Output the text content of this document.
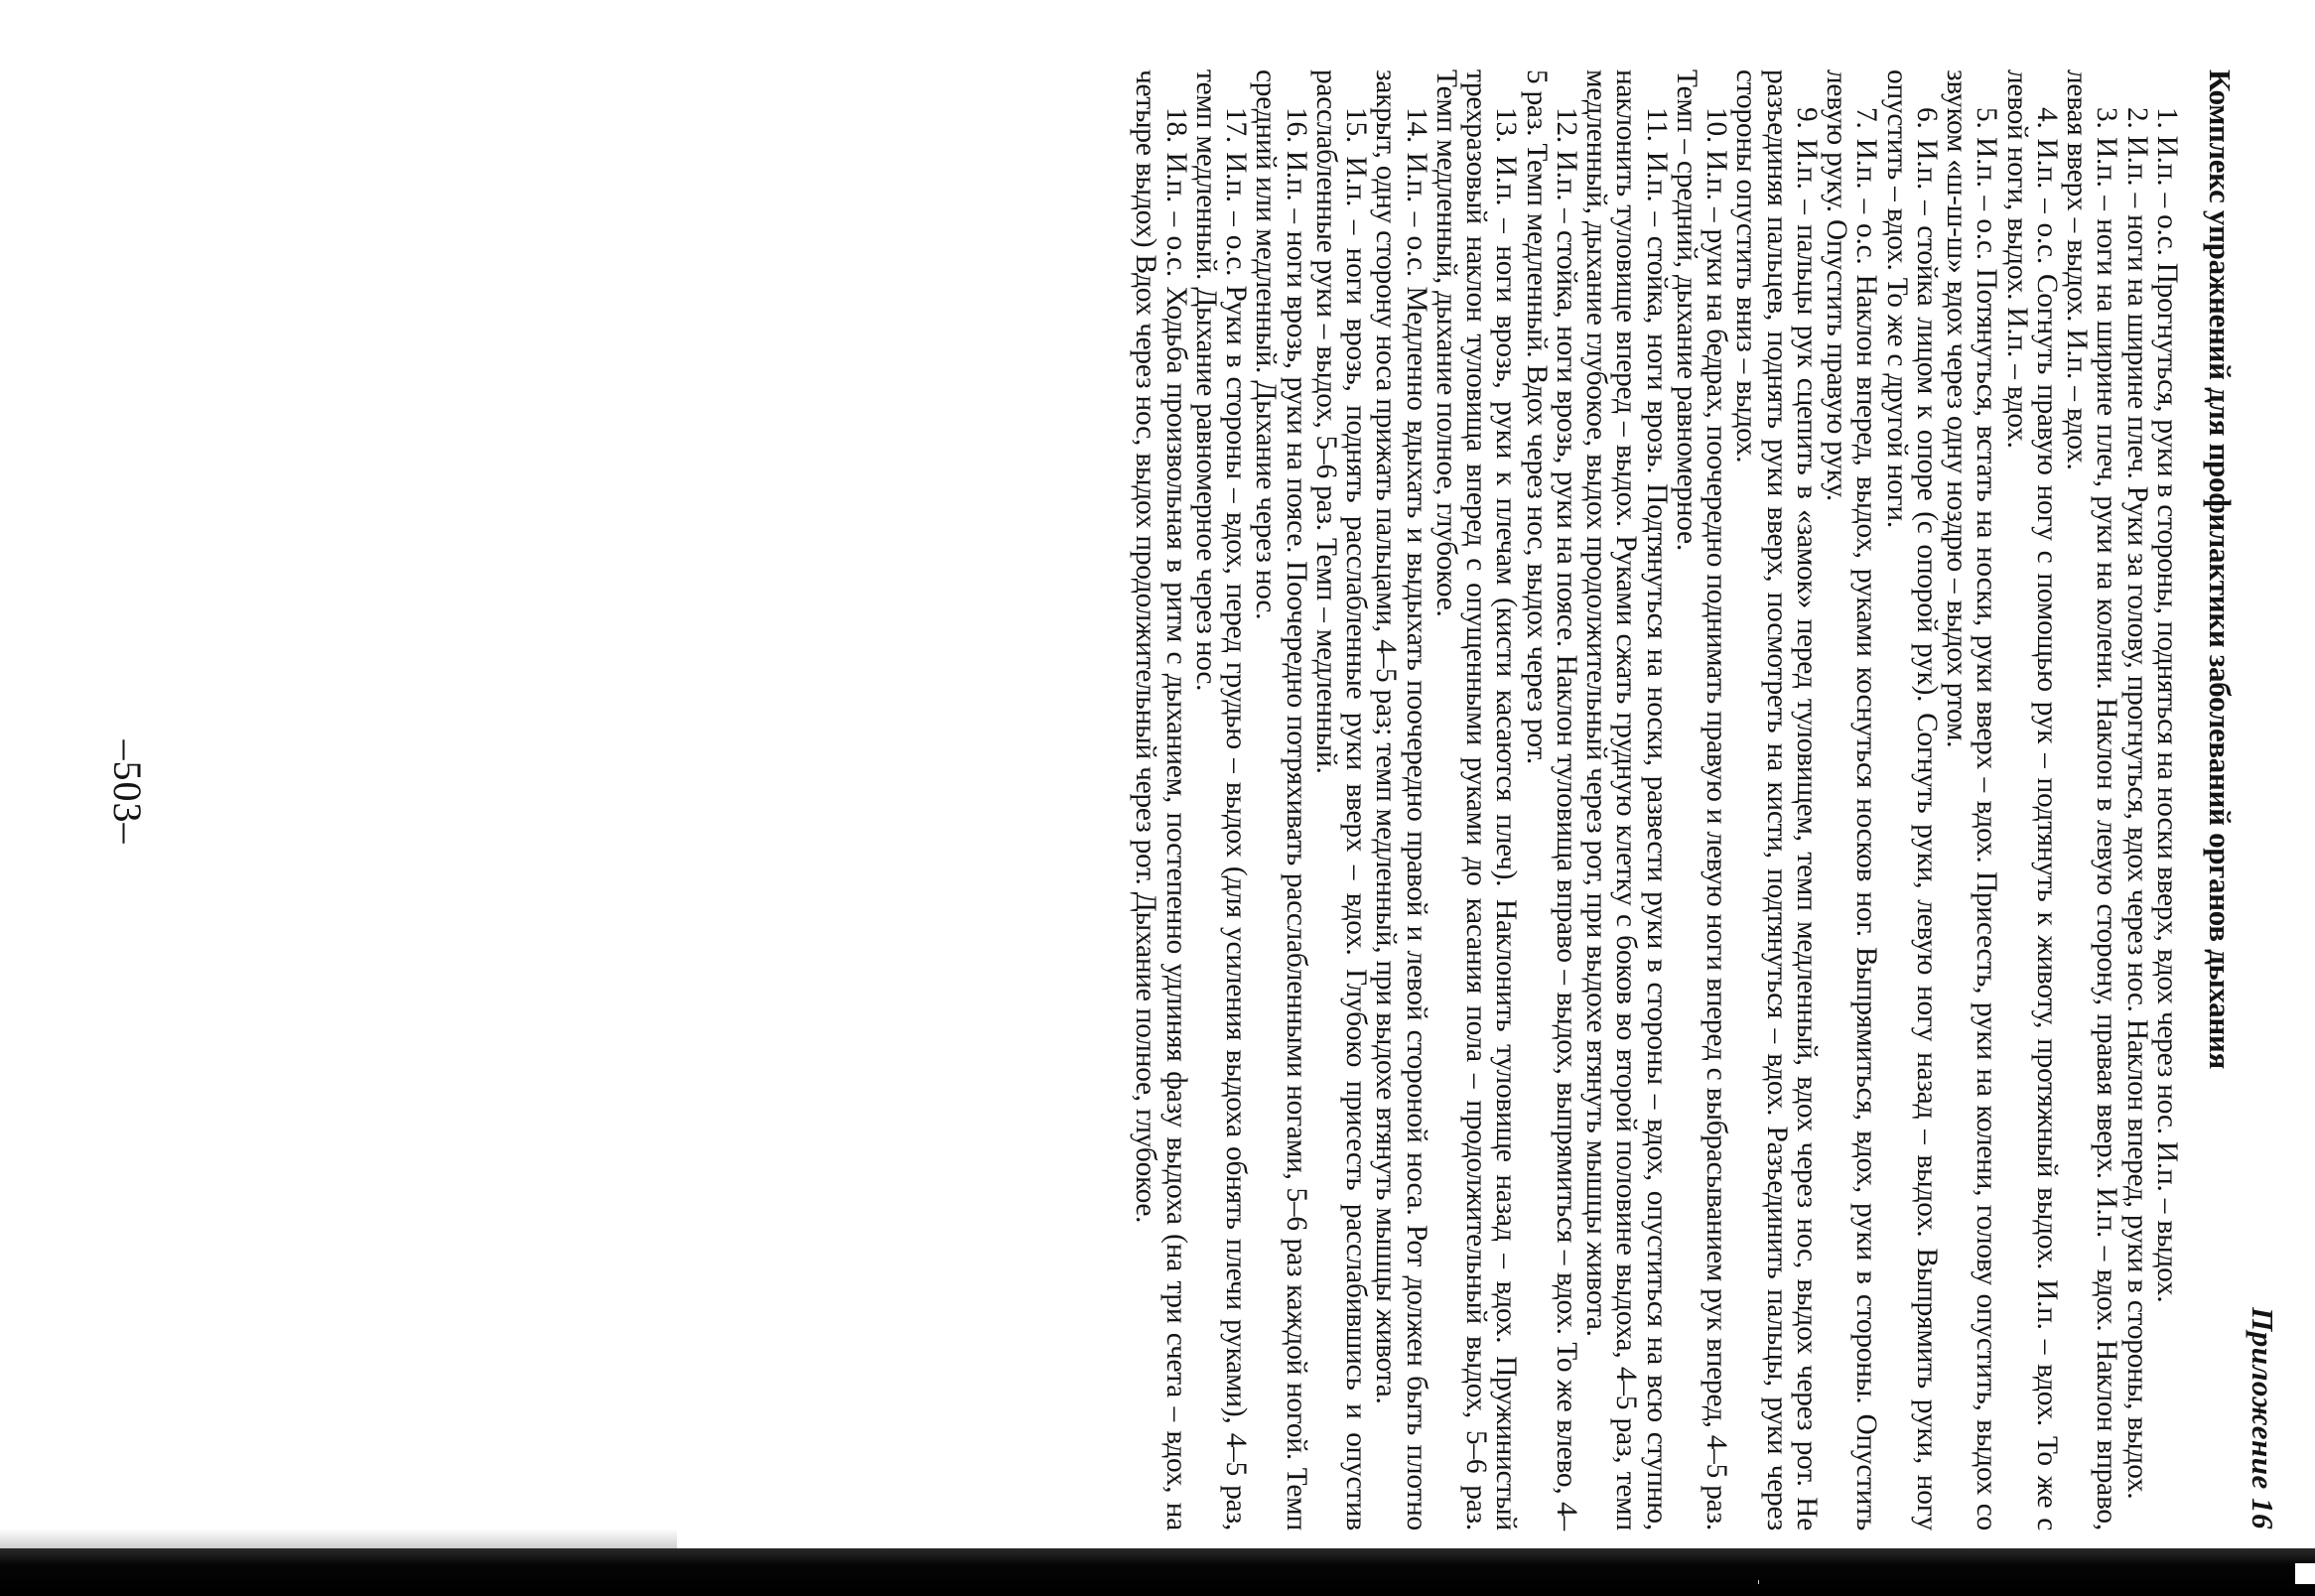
Приложение 16
Комплекс упражнений для профилактики заболеваний органов дыхания

1. И.п. – о.с. Прогнуться, руки в стороны, подняться на носки вверх, вдох через нос. И.п. – выдох.

2. И.п. – ноги на ширине плеч. Руки за голову, прогнуться, вдох через нос. Наклон вперед, руки в стороны, выдох.

3. И.п. – ноги на ширине плеч, руки на колени. Наклон в левую сторону, правая вверх. И.п. – вдох. Наклон вправо, левая вверх – выдох. И.п. – вдох.

4. И.п. – о.с. Согнуть правую ногу с помощью рук – подтянуть к животу, протяжный выдох. И.п. – вдох. То же с левой ноги, выдох. И.п. – вдох.

5. И.п. – о.с. Потянуться, встать на носки, руки вверх – вдох. Присесть, руки на колени, голову опустить, выдох со звуком «ш-ш-ш» вдох через одну ноздрю – выдох ртом.

6. И.п. – стойка лицом к опоре (с опорой рук). Согнуть руки, левую ногу назад – выдох. Выпрямить руки, ногу опустить – вдох. То же с другой ноги.

7. И.п. – о.с. Наклон вперед, выдох, руками коснуться носков ног. Выпрямиться, вдох, руки в стороны. Опустить левую руку. Опустить правую руку.

9. И.п. – пальцы рук сцепить в «замок» перед туловищем, темп медленный, вдох через нос, выдох через рот. Не разъединяя пальцев, поднять руки вверх, посмотреть на кисти, подтянуться – вдох. Разъединить пальцы, руки через стороны опустить вниз – выдох.

10. И.п. – руки на бедрах, поочередно поднимать правую и левую ноги вперед с выбрасыванием рук вперед, 4–5 раз. Темп – средний, дыхание равномерное.

11. И.п. – стойка, ноги врозь. Подтянуться на носки, развести руки в стороны – вдох, опуститься на всю ступню, наклонить туловище вперед – выдох. Руками сжать грудную клетку с боков во второй половине выдоха, 4–5 раз, темп медленный, дыхание глубокое, выдох продолжительный через рот, при выдохе втянуть мышцы живота.

12. И.п. – стойка, ноги врозь, руки на поясе. Наклон туловища вправо – выдох, выпрямиться – вдох. То же влево, 4–5 раз. Темп медленный. Вдох через нос, выдох через рот.

13. И.п. – ноги врозь, руки к плечам (кисти касаются плеч). Наклонить туловище назад – вдох. Пружинистый трехразовый наклон туловища вперед с опущенными руками до касания пола – продолжительный выдох, 5–6 раз. Темп медленный, дыхание полное, глубокое.

14. И.п. – о.с. Медленно вдыхать и выдыхать поочередно правой и левой стороной носа. Рот должен быть плотно закрыт, одну сторону носа прижать пальцами, 4–5 раз; темп медленный, при выдохе втянуть мышцы живота.

15. И.п. – ноги врозь, поднять расслабленные руки вверх – вдох. Глубоко присесть расслабившись и опустив расслабленные руки – выдох, 5–6 раз. Темп – медленный.

16. И.п. – ноги врозь, руки на поясе. Поочередно потряхивать расслабленными ногами, 5–6 раз каждой ногой. Темп средний или медленный. Дыхание через нос.

17. И.п. – о.с. Руки в стороны – вдох, перед грудью – выдох (для усиления выдоха обнять плечи руками), 4–5 раз, темп медленный. Дыхание равномерное через нос.

18. И.п. – о.с. Ходьба произвольная в ритм с дыханием, постепенно удлиняя фазу выдоха (на три счета – вдох, на четыре выдох) Вдох через нос, выдох продолжительный через рот. Дыхание полное, глубокое.

–503–
